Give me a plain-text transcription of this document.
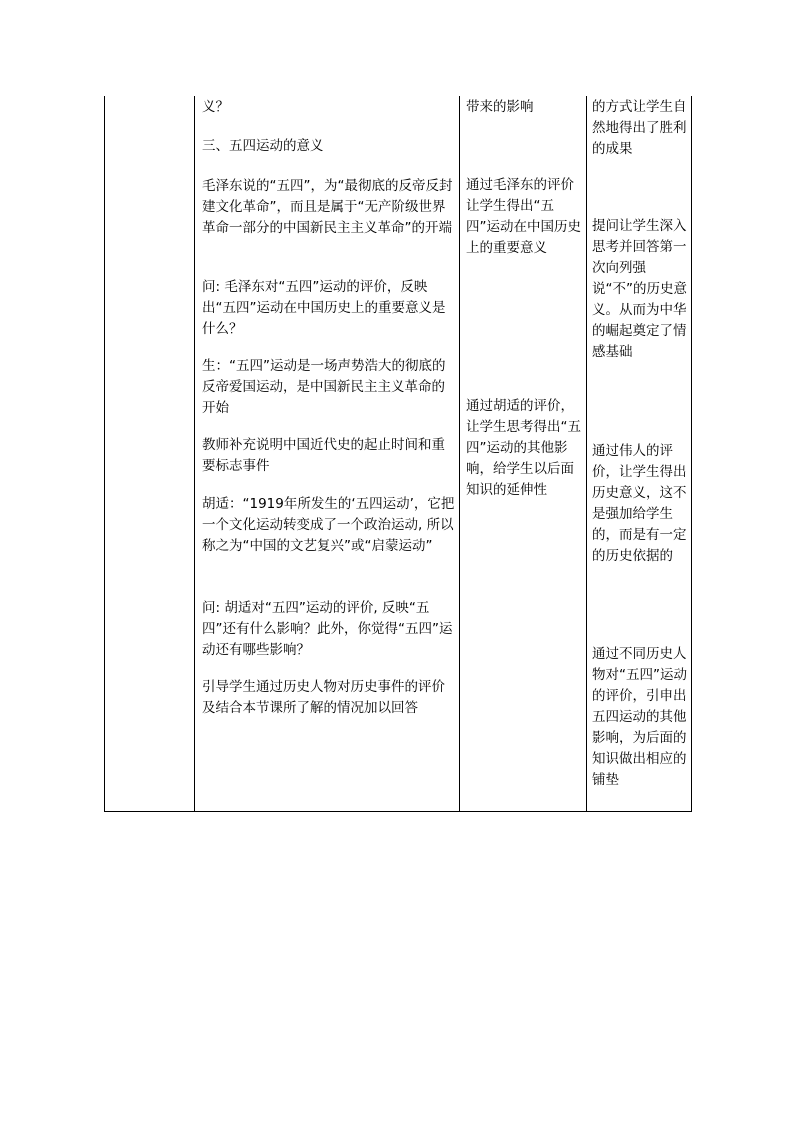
义？

三、五四运动的意义

毛泽东说的“五四”，为“最彻底的反帝反封建文化革命”，而且是属于“无产阶级世界革命一部分的中国新民主主义革命”的开端

问: 毛泽东对“五四”运动的评价，反映出“五四”运动在中国历史上的重要意义是什么？

生：“五四”运动是一场声势浩大的彻底的反帝爱国运动，是中国新民主主义革命的开始

教师补充说明中国近代史的起止时间和重要标志事件

胡适：“1919年所发生的‘五四运动’，它把一个文化运动转变成了一个政治运动, 所以称之为“中国的文艺复兴”或“启蒙运动”

问: 胡适对“五四”运动的评价, 反映“五四”还有什么影响？此外，你觉得“五四”运动还有哪些影响？

引导学生通过历史人物对历史事件的评价及结合本节课所了解的情况加以回答

带来的影响

通过毛泽东的评价让学生得出“五四”运动在中国历史上的重要意义

通过胡适的评价，让学生思考得出“五四”运动的其他影响，给学生以后面知识的延伸性

的方式让学生自然地得出了胜利的成果

提问让学生深入思考并回答第一次向列强说“不”的历史意义。从而为中华的崛起奠定了情感基础

通过伟人的评价，让学生得出历史意义，这不是强加给学生的，而是有一定的历史依据的

通过不同历史人物对“五四”运动的评价，引申出五四运动的其他影响，为后面的知识做出相应的铺垫
